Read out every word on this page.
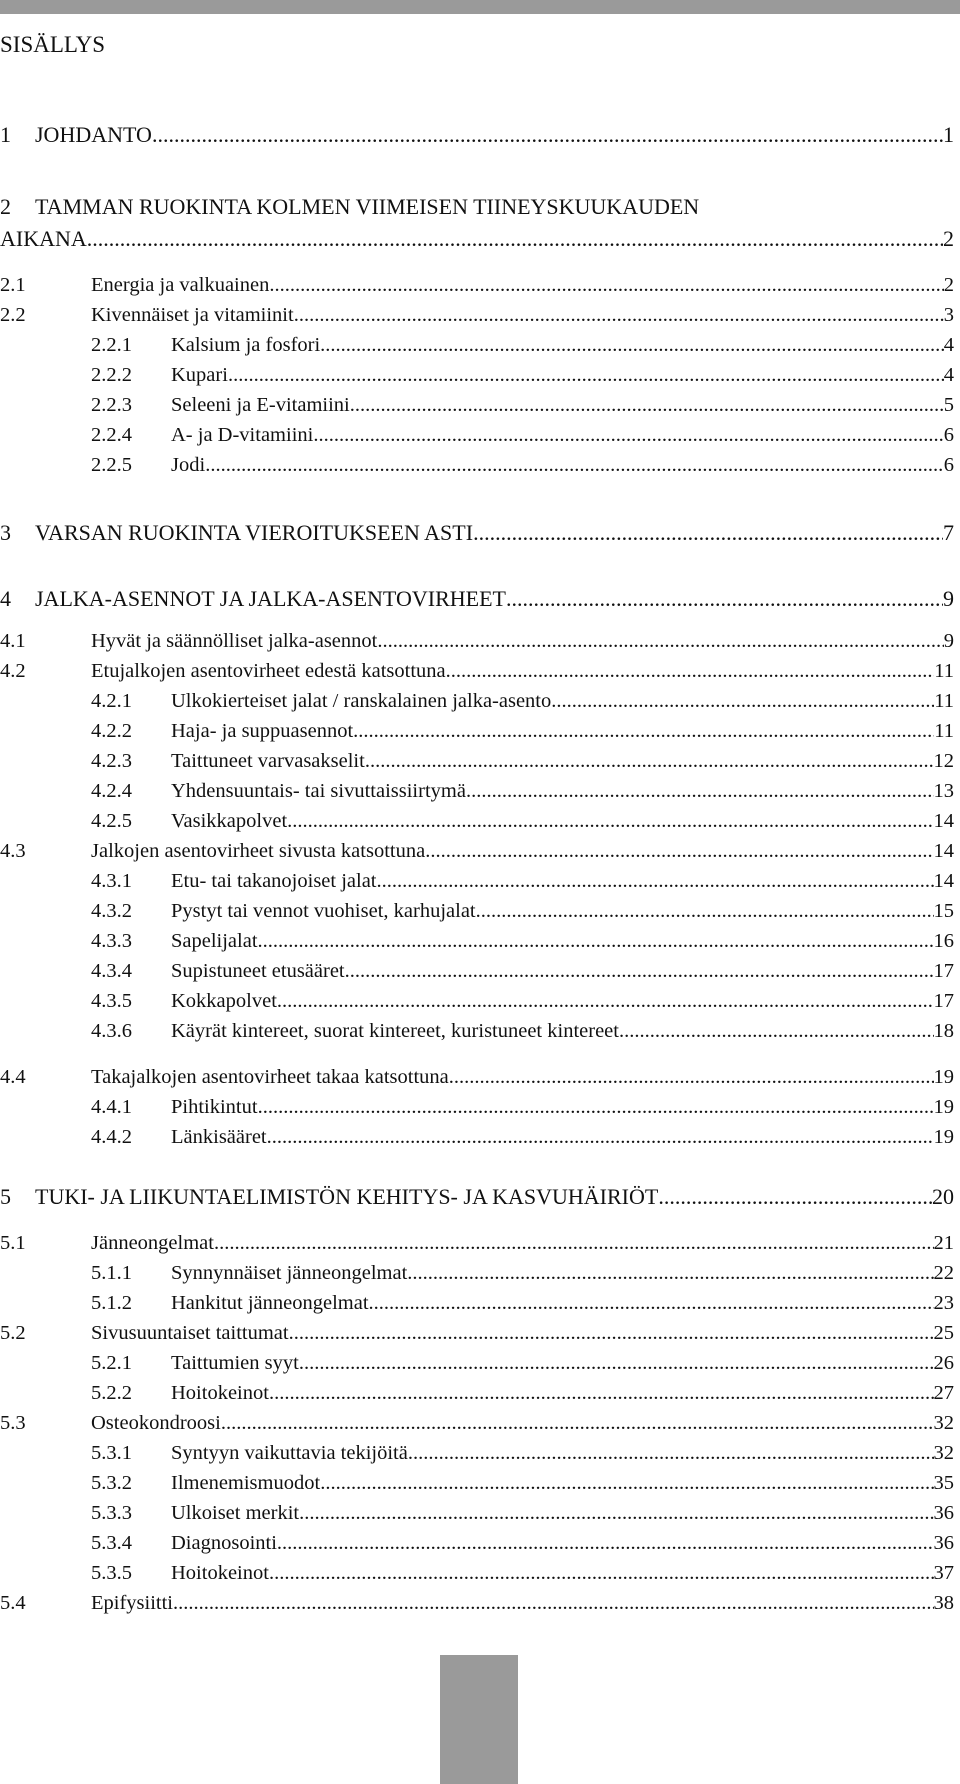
SISÄLLYS
1	JOHDANTO .....	1
2	TAMMAN RUOKINTA KOLMEN VIIMEISEN TIINEYSKUUKAUDEN
AIKANA .....	2
2.1	Energia ja valkuainen .....	2
2.2	Kivennäiset ja vitamiinit .....	3
2.2.1	Kalsium ja fosfori .....	4
2.2.2	Kupari .....	4
2.2.3	Seleeni ja E-vitamiini .....	5
2.2.4	A- ja D-vitamiini .....	6
2.2.5	Jodi .....	6
3	VARSAN RUOKINTA VIEROITUKSEEN ASTI .....	7
4	JALKA-ASENNOT JA JALKA-ASENTOVIRHEET .....	9
4.1	Hyvät ja säännölliset jalka-asennot .....	9
4.2	Etujalkojen asentovirheet edestä katsottuna .....	11
4.2.1	Ulkokierteiset jalat / ranskalainen jalka-asento .....	11
4.2.2	Haja- ja suppuasennot .....	11
4.2.3	Taittuneet varvasakselit .....	12
4.2.4	Yhdensuuntais- tai sivuttaissiirtymä .....	13
4.2.5	Vasikkapolvet .....	14
4.3	Jalkojen asentovirheet sivusta katsottuna .....	14
4.3.1	Etu- tai takanojoiset jalat .....	14
4.3.2	Pystyt tai vennot vuohiset, karhujalat .....	15
4.3.3	Sapelijalat .....	16
4.3.4	Supistuneet etusääret .....	17
4.3.5	Kokkapolvet .....	17
4.3.6	Käyrät kintereet, suorat kintereet, kuristuneet kintereet .....	18
4.4	Takajalkojen asentovirheet takaa katsottuna .....	19
4.4.1	Pihtikintut .....	19
4.4.2	Länkisääret .....	19
5	TUKI- JA LIIKUNTAELIMISTÖN KEHITYS- JA KASVUHÄIRIÖT .....	20
5.1	Jänneongelmat .....	21
5.1.1	Synnynnäiset jänneongelmat .....	22
5.1.2	Hankitut jänneongelmat .....	23
5.2	Sivusuuntaiset taittumat .....	25
5.2.1	Taittumien syyt .....	26
5.2.2	Hoitokeinot .....	27
5.3	Osteokondroosi .....	32
5.3.1	Syntyyn vaikuttavia tekijöitä .....	32
5.3.2	Ilmenemismuodot .....	35
5.3.3	Ulkoiset merkit .....	36
5.3.4	Diagnosointi .....	36
5.3.5	Hoitokeinot .....	37
5.4	Epifysiitti .....	38
